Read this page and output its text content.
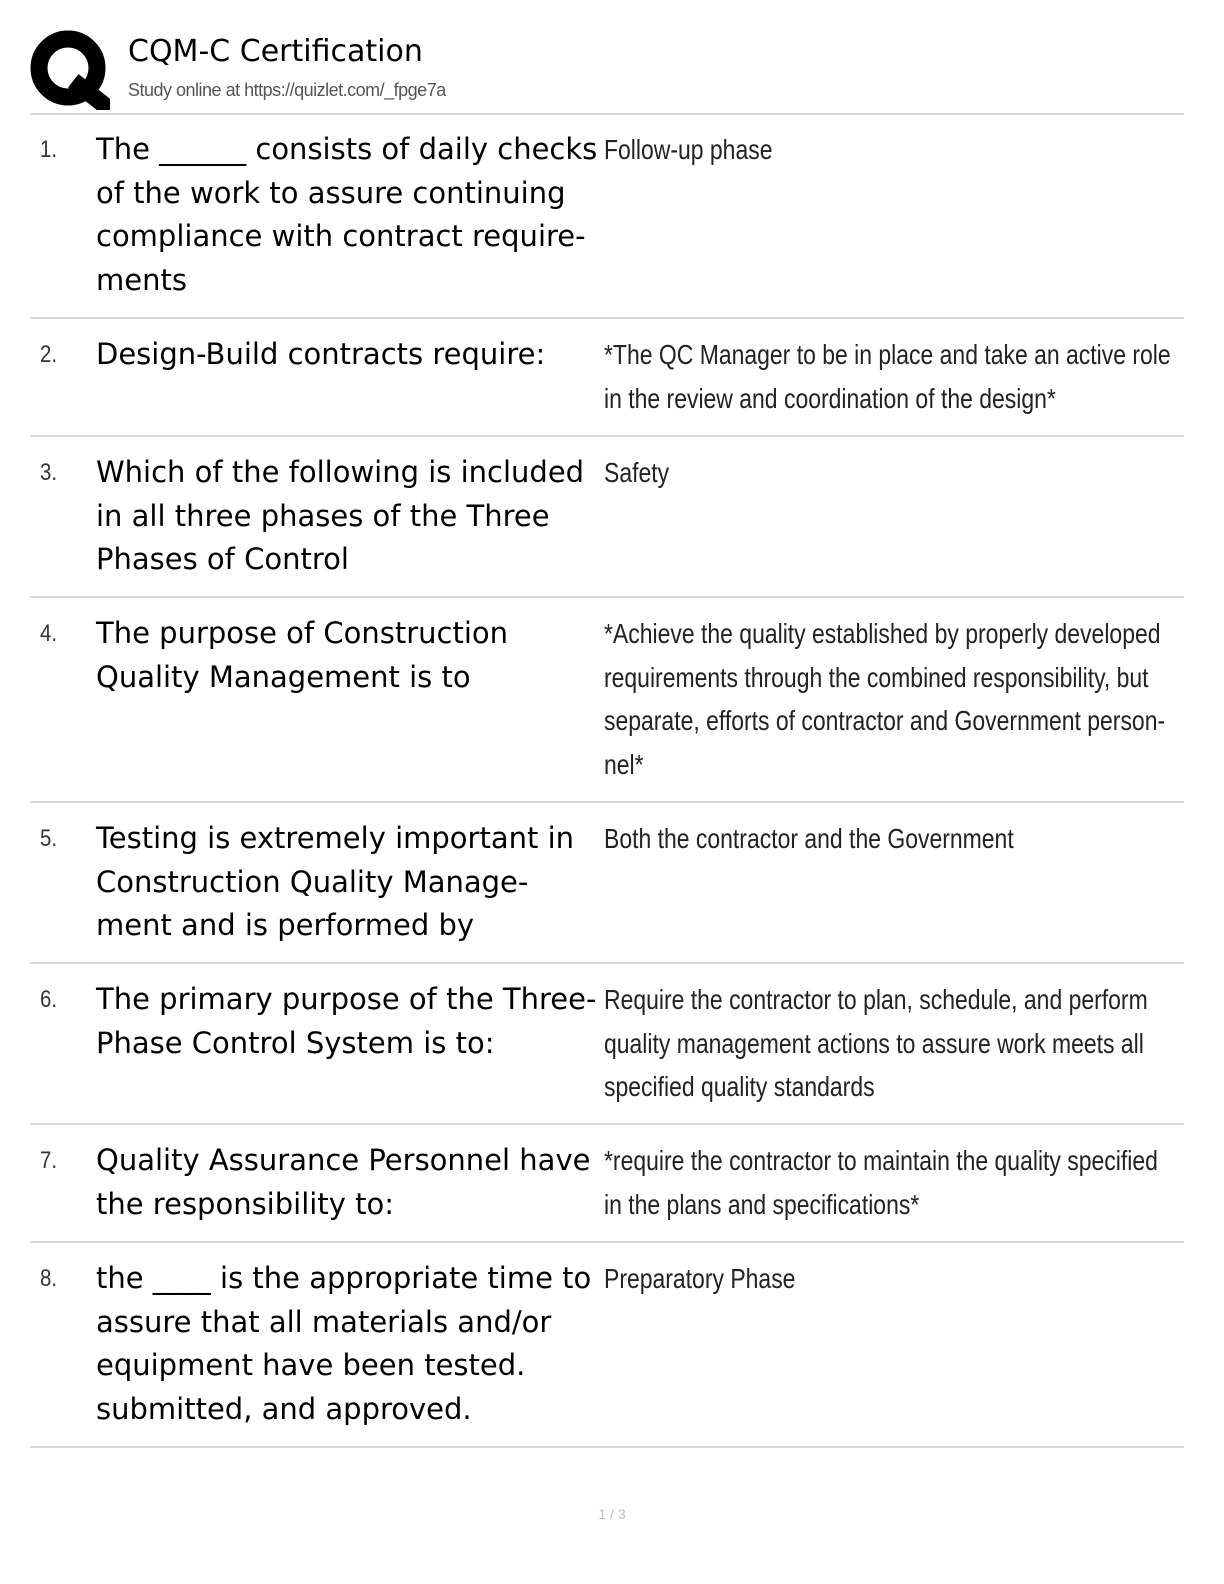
CQM-C Certification
Study online at https://quizlet.com/_fpge7a
1. The ______ consists of daily checks of the work to assure continuing compliance with contract require-ments
Follow-up phase
2. Design-Build contracts require:	*The QC Manager to be in place and take an active role in the review and coordination of the design*
3. Which of the following is included in all three phases of the Three Phases of Control
Safety
4. The purpose of Construction Quality Management is to
*Achieve the quality established by properly developed requirements through the combined responsibility, but separate, efforts of contractor and Government person-nel*
5. Testing is extremely important in Construction Quality Manage-ment and is performed by
Both the contractor and the Government
6. The primary purpose of the Three-Phase Control System is to:
Require the contractor to plan, schedule, and perform quality management actions to assure work meets all specified quality standards
7. Quality Assurance Personnel have the responsibility to:
*require the contractor to maintain the quality specified in the plans and specifications*
8. the ____ is the appropriate time to assure that all materials and/or equipment have been tested. submitted, and approved.
Preparatory Phase
1 / 3
